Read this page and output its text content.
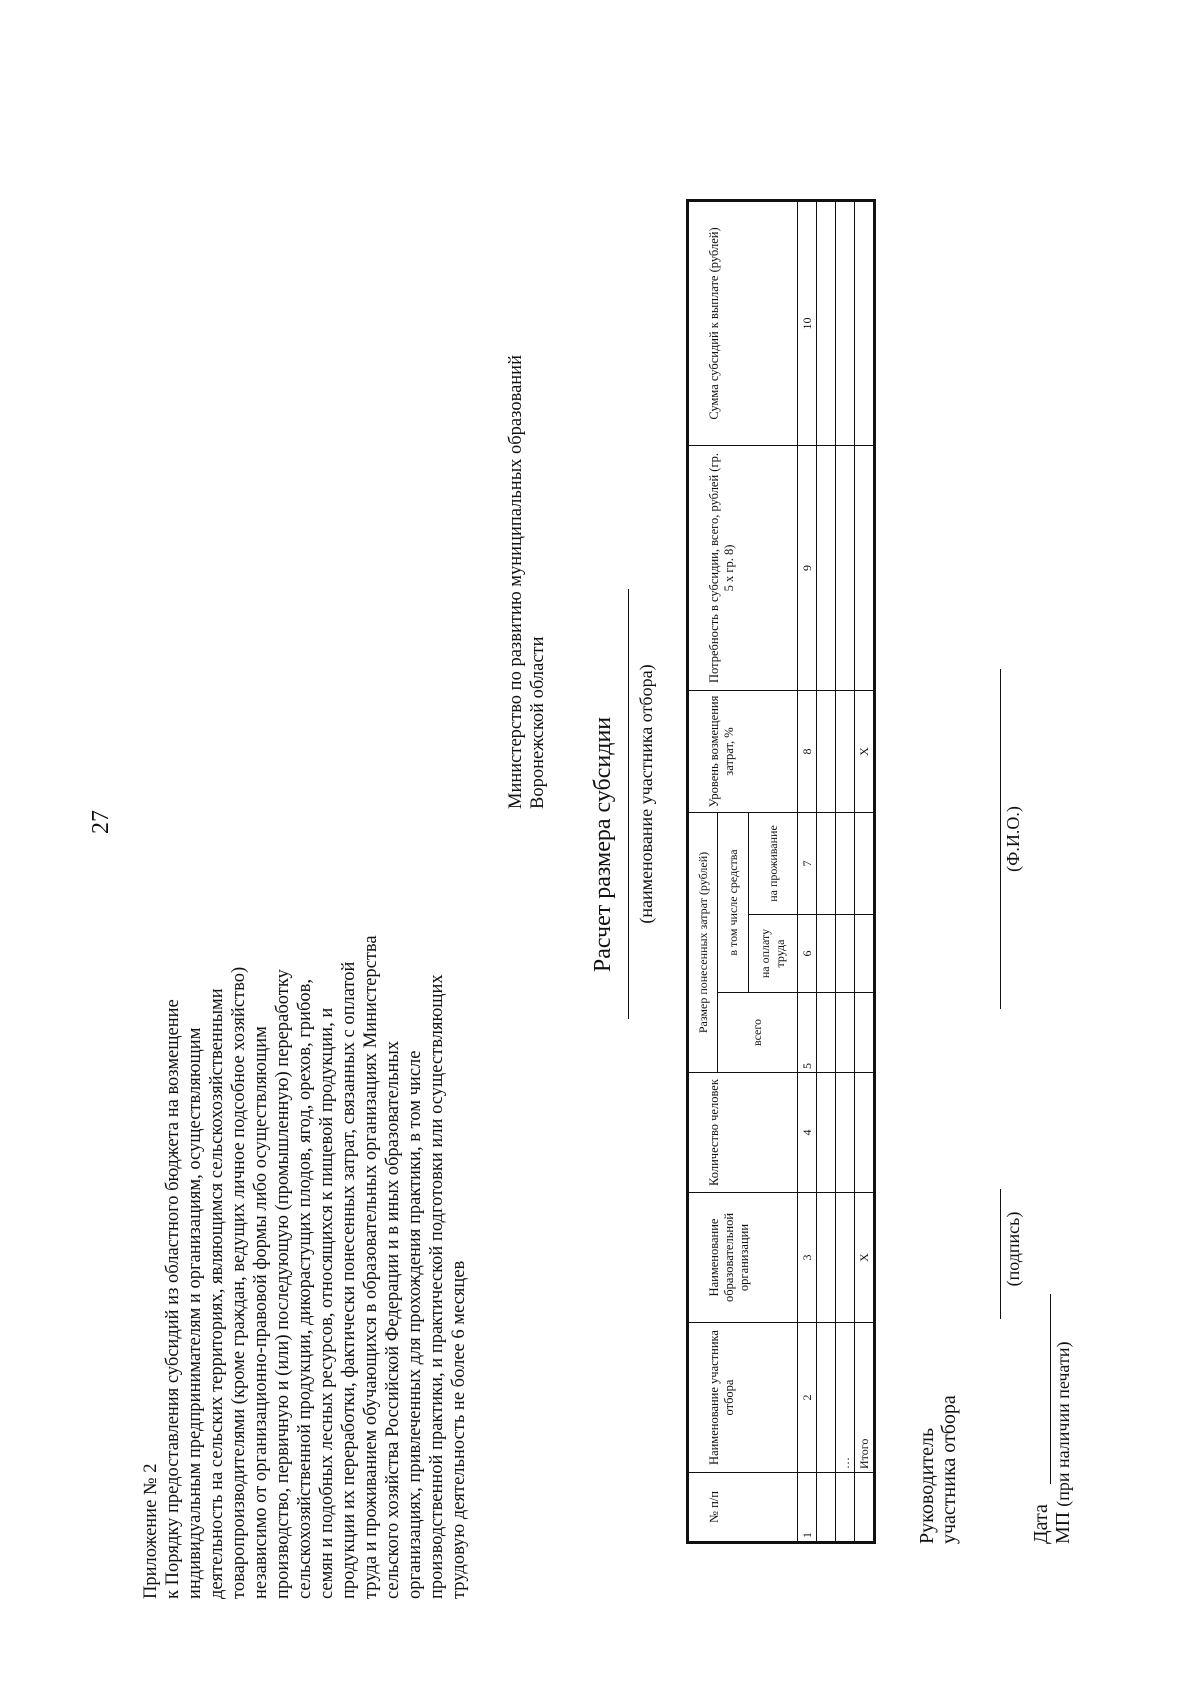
27

Приложение № 2 к Порядку предоставления субсидий из областного бюджета на возмещение индивидуальным предпринимателям и организациям, осуществляющим деятельность на сельских территориях, являющимся сельскохозяйственными товаропроизводителями (кроме граждан, ведущих личное подсобное хозяйство) независимо от организационно-правовой формы либо осуществляющим производство, первичную и (или) последующую (промышленную) переработку сельскохозяйственной продукции, дикорастущих плодов, ягод, орехов, грибов, семян и подобных лесных ресурсов, относящихся к пищевой продукции, и продукции их переработки, фактически понесенных затрат, связанных с оплатой труда и проживанием обучающихся в образовательных организациях Министерства сельского хозяйства Российской Федерации и в иных образовательных организациях, привлеченных для прохождения практики, в том числе производственной практики, и практической подготовки или осуществляющих трудовую деятельность не более 6 месяцев

Министерство по развитию муниципальных образований Воронежской области Расчет размера субсидии (наименование участника отбора)
№ п/п	Наименование участника отбора	Наименование образовательной организации	Количество человек	Размер понесенных затрат (рублей)			Уровень возмещения затрат, %	Потребность в субсидии, всего, рублей (гр. 5 х гр. 8)	Сумма субсидий к выплате (рублей)
				всего	в том числе средства				
					на оплату труда	на проживание			
1	2	3	4	5	6	7	8	9	10

	…								
	Итого	X					X		

Руководитель участника отбора

(подпись)
(Ф.И.О.)
Дата МП (при наличии печати)
